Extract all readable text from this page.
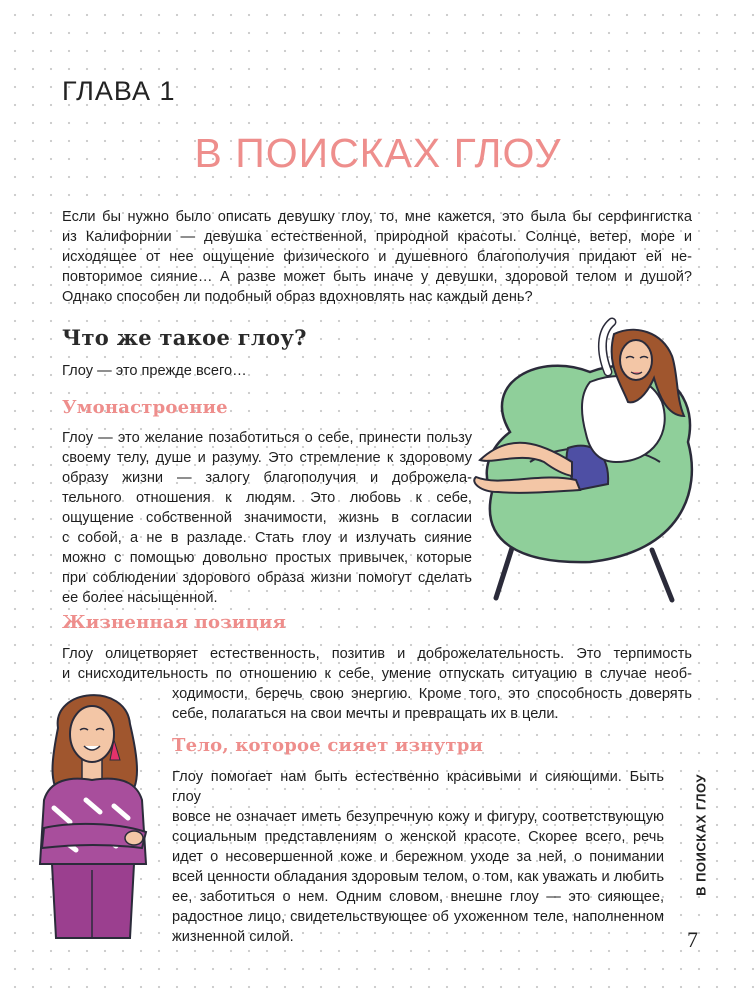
ГЛАВА 1
В ПОИСКАХ ГЛОУ

Если бы нужно было описать девушку глоу, то, мне кажется, это была бы серфингистка
из Калифорнии — девушка естественной, природной красоты. Солнце, ветер, море и
исходящее от нее ощущение физического и душевного благополучия придают ей не-
повторимое сияние… А разве может быть иначе у девушки, здоровой телом и душой?

Однако способен ли подобный образ вдохновлять нас каждый день?

Что же такое глоу?

Глоу — это прежде всего…

Умонастроение
Глоу — это желание позаботиться о себе, принести пользу
своему телу, душе и разуму. Это стремление к здоровому
образу жизни — залогу благополучия и доброжела-
тельного отношения к людям. Это любовь к себе,
ощущение собственной значимости, жизнь в согласии
с собой, а не в разладе. Стать глоу и излучать сияние
можно с помощью довольно простых привычек, которые
при соблюдении здорового образа жизни помогут сделать
ее более насыщенной.
Жизненная позиция
Глоу олицетворяет естественность, позитив и доброжелательность. Это терпимость
и снисходительность по отношению к себе, умение отпускать ситуацию в случае необ-
ходимости, беречь свою энергию. Кроме того, это способность доверять
себе, полагаться на свои мечты и превращать их в цели.
Тело, которое сияет изнутри
Глоу помогает нам быть естественно красивыми и сияющими. Быть глоу
вовсе не означает иметь безупречную кожу и фигуру, соответствующую
социальным представлениям о женской красоте. Скорее всего, речь
идет о несовершенной коже и бережном уходе за ней, о понимании
всей ценности обладания здоровым телом, о том, как уважать и любить
ее, заботиться о нем. Одним словом, внешне глоу — это сияющее,
радостное лицо, свидетельствующее об ухоженном теле, наполненном
жизненной силой.
В ПОИСКАХ ГЛОУ
7
